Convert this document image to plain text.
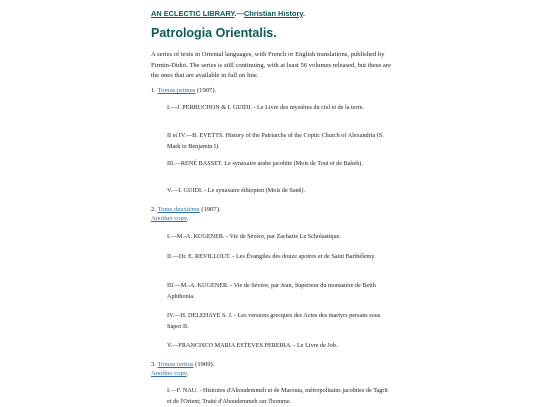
AN ECLECTIC LIBRARY.—Christian History.
Patrologia Orientalis.

A series of texts in Oriental languages, with French or English translations, published by Firmin-Didot. The series is still continuing, with at least 56 volumes released, but these are the ones that are available in full on line.

1. Tomus primus (1907).

I.—J. PERRUCHON & I. GUIDI. - Le Livre des mystères du ciel et de la terre.

II et IV.—B. EVETTS. History of the Patriarchs of the Coptic Church of Alexandria (S. Mark to Benjamin I).

III.—RENÉ BASSET. Le synaxaire arabe jacobite (Mois de Tout et de Babeh).

V.—I. GUIDI. - Le synaxaire éthiopien (Mois de Sanê).

2. Tome deuxième (1907).
Another copy.

I.—M.-A. KUGENER. - Vie de Sévère, par Zacharie Le Scholastique.

II.—Dr. E. REVILLOUT. - Les Évangiles des douze apotres et de Saint Barthélemy.

III.—M.-A. KUGENER. - Vie de Sévère, par Jean, Supérieur du monastère de Beith Aphthonia.

IV.—H. DELEHAYE S. J. - Les versions grecques des Actes des martyrs persans sous Sapor II.

V.—FRANCISCO MARIA ESTEVES PEREIRA. - Le Livre de Job.

3. Tomus tertius (1909).
Another copy.

I.—F. NAU. - Histoires d'Ahoudemmeh et de Marouta, métropolitains jacobites de Tagrit et de l'Orient; Traité d'Ahoudemmeh sur l'homme.
